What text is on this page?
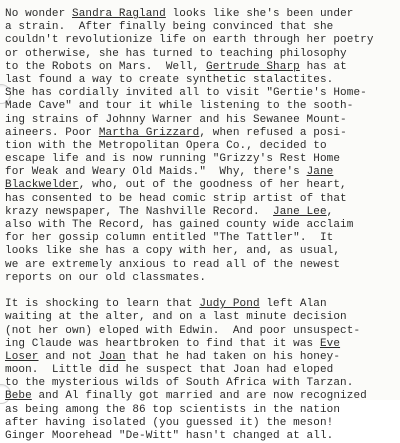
No wonder Sandra Ragland looks like she's been under
a strain.  After finally being convinced that she
couldn't revolutionize life on earth through her poetry
or otherwise, she has turned to teaching philosophy
to the Robots on Mars.  Well, Gertrude Sharp has at
last found a way to create synthetic stalactites.
She has cordially invited all to visit "Gertie's Home-
Made Cave" and tour it while listening to the sooth-
ing strains of Johnny Warner and his Sewanee Mount-
aineers. Poor Martha Grizzard, when refused a posi-
tion with the Metropolitan Opera Co., decided to
escape life and is now running "Grizzy's Rest Home
for Weak and Weary Old Maids."  Why, there's Jane
Blackwelder, who, out of the goodness of her heart,
has consented to be head comic strip artist of that
krazy newspaper, The Nashville Record.  Jane Lee,
also with The Record, has gained county wide acclaim
for her gossip column entitled "The Tattler".  It
looks like she has a copy with her, and, as usual,
we are extremely anxious to read all of the newest
reports on our old classmates.
It is shocking to learn that Judy Pond left Alan
waiting at the alter, and on a last minute decision
(not her own) eloped with Edwin.  And poor unsuspect-
ing Claude was heartbroken to find that it was Eve
Loser and not Joan that he had taken on his honey-
moon.  Little did he suspect that Joan had eloped
to the mysterious wilds of South Africa with Tarzan.
Bebe and Al finally got married and are now recognized
as being among the 86 top scientists in the nation
after having isolated (you guessed it) the meson!
Ginger Moorehead "De-Witt" hasn't changed at all.
